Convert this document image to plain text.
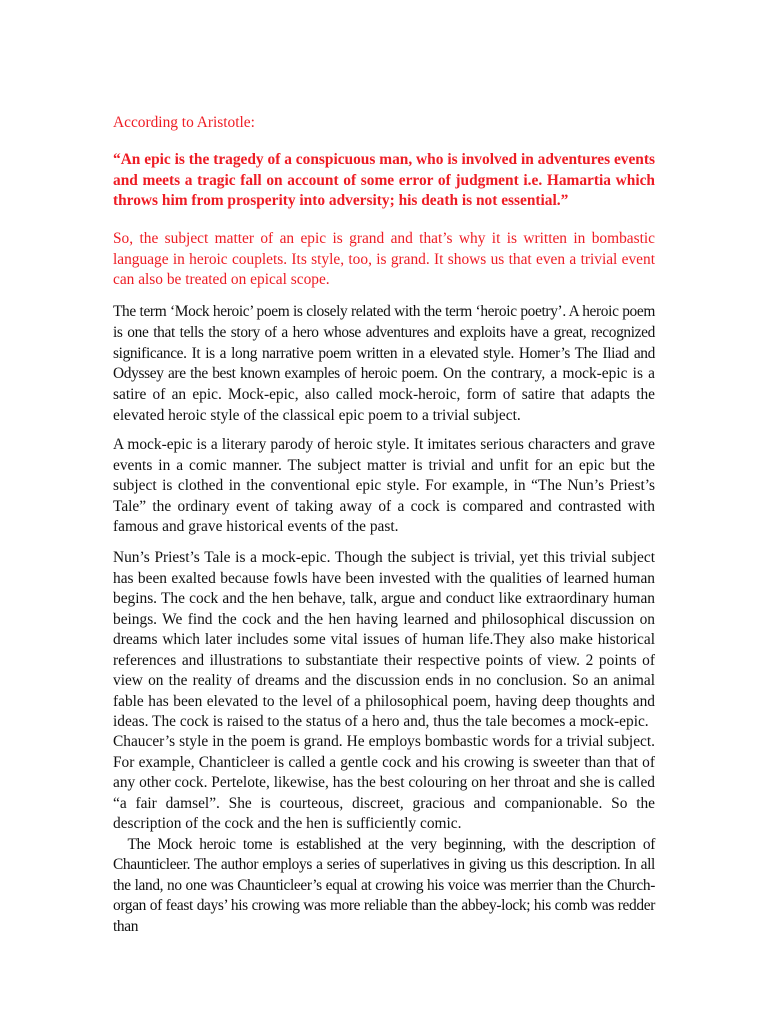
According to Aristotle:

“An epic is the tragedy of a conspicuous man, who is involved in adventures events and meets a tragic fall on account of some error of judgment i.e. Hamartia which throws him from prosperity into adversity; his death is not essential.”

So, the subject matter of an epic is grand and that’s why it is written in bombastic language in heroic couplets. Its style, too, is grand. It shows us that even a trivial event can also be treated on epical scope.

The term ‘Mock heroic’ poem is closely related with the term ‘heroic poetry’. A heroic poem is one that tells the story of a hero whose adventures and exploits have a great, recognized significance. It is a long narrative poem written in a elevated style. Homer’s The Iliad and Odyssey are the best known examples of heroic poem. On the contrary, a mock-epic is a satire of an epic. Mock-epic, also called mock-heroic, form of satire that adapts the elevated heroic style of the classical epic poem to a trivial subject.

A mock-epic is a literary parody of heroic style. It imitates serious characters and grave events in a comic manner. The subject matter is trivial and unfit for an epic but the subject is clothed in the conventional epic style. For example, in “The Nun’s Priest’s Tale” the ordinary event of taking away of a cock is compared and contrasted with famous and grave historical events of the past.

Nun’s Priest’s Tale is a mock-epic. Though the subject is trivial, yet this trivial subject has been exalted because fowls have been invested with the qualities of learned human begins. The cock and the hen behave, talk, argue and conduct like extraordinary human beings. We find the cock and the hen having learned and philosophical discussion on dreams which later includes some vital issues of human life.They also make historical references and illustrations to substantiate their respective points of view. 2 points of view on the reality of dreams and the discussion ends in no conclusion. So an animal fable has been elevated to the level of a philosophical poem, having deep thoughts and ideas. The cock is raised to the status of a hero and, thus the tale becomes a mock-epic.

Chaucer’s style in the poem is grand. He employs bombastic words for a trivial subject. For example, Chanticleer is called a gentle cock and his crowing is sweeter than that of any other cock. Pertelote, likewise, has the best colouring on her throat and she is called “a fair damsel”. She is courteous, discreet, gracious and companionable. So the description of the cock and the hen is sufficiently comic.
The Mock heroic tome is established at the very beginning, with the description of Chaunticleer. The author employs a series of superlatives in giving us this description. In all the land, no one was Chaunticleer’s equal at crowing his voice was merrier than the Church-organ of feast days’ his crowing was more reliable than the abbey-lock; his comb was redder than
